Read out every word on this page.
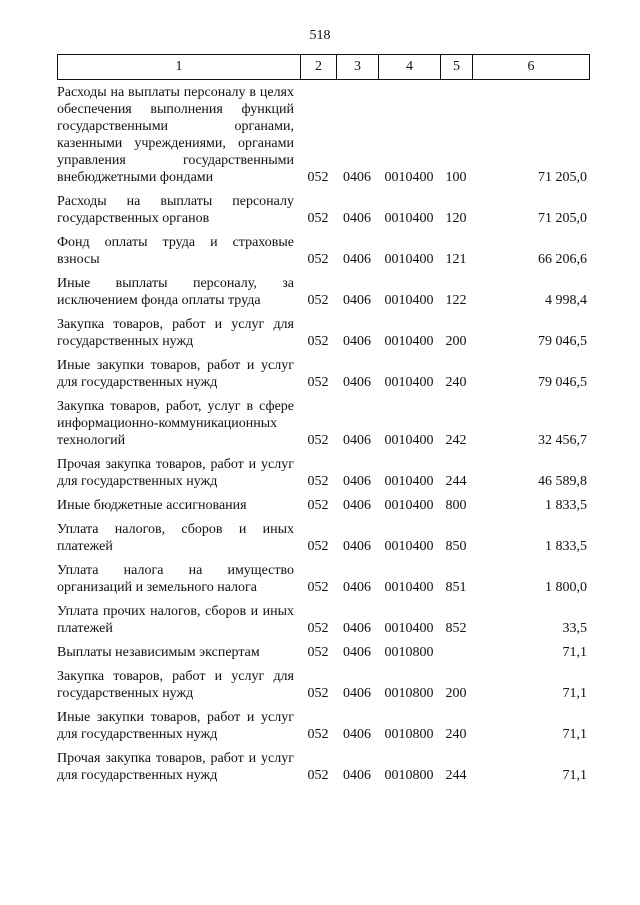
518
1	2	3	4	5	6
Расходы на выплаты персоналу в целях обеспечения выполнения функций государственными органами, казенными учреждениями, органами управления государственными внебюджетными фондами	052	0406	0010400	100	71 205,0
Расходы на выплаты персоналу государственных органов	052	0406	0010400	120	71 205,0
Фонд оплаты труда и страховые взносы	052	0406	0010400	121	66 206,6
Иные выплаты персоналу, за исключением фонда оплаты труда	052	0406	0010400	122	4 998,4
Закупка товаров, работ и услуг для государственных нужд	052	0406	0010400	200	79 046,5
Иные закупки товаров, работ и услуг для государственных нужд	052	0406	0010400	240	79 046,5
Закупка товаров, работ, услуг в сфере информационно-коммуникационных технологий	052	0406	0010400	242	32 456,7
Прочая закупка товаров, работ и услуг для государственных нужд	052	0406	0010400	244	46 589,8
Иные бюджетные ассигнования	052	0406	0010400	800	1 833,5
Уплата налогов, сборов и иных платежей	052	0406	0010400	850	1 833,5
Уплата налога на имущество организаций и земельного налога	052	0406	0010400	851	1 800,0
Уплата прочих налогов, сборов и иных платежей	052	0406	0010400	852	33,5
Выплаты независимым экспертам	052	0406	0010800		71,1
Закупка товаров, работ и услуг для государственных нужд	052	0406	0010800	200	71,1
Иные закупки товаров, работ и услуг для государственных нужд	052	0406	0010800	240	71,1
Прочая закупка товаров, работ и услуг для государственных нужд	052	0406	0010800	244	71,1
